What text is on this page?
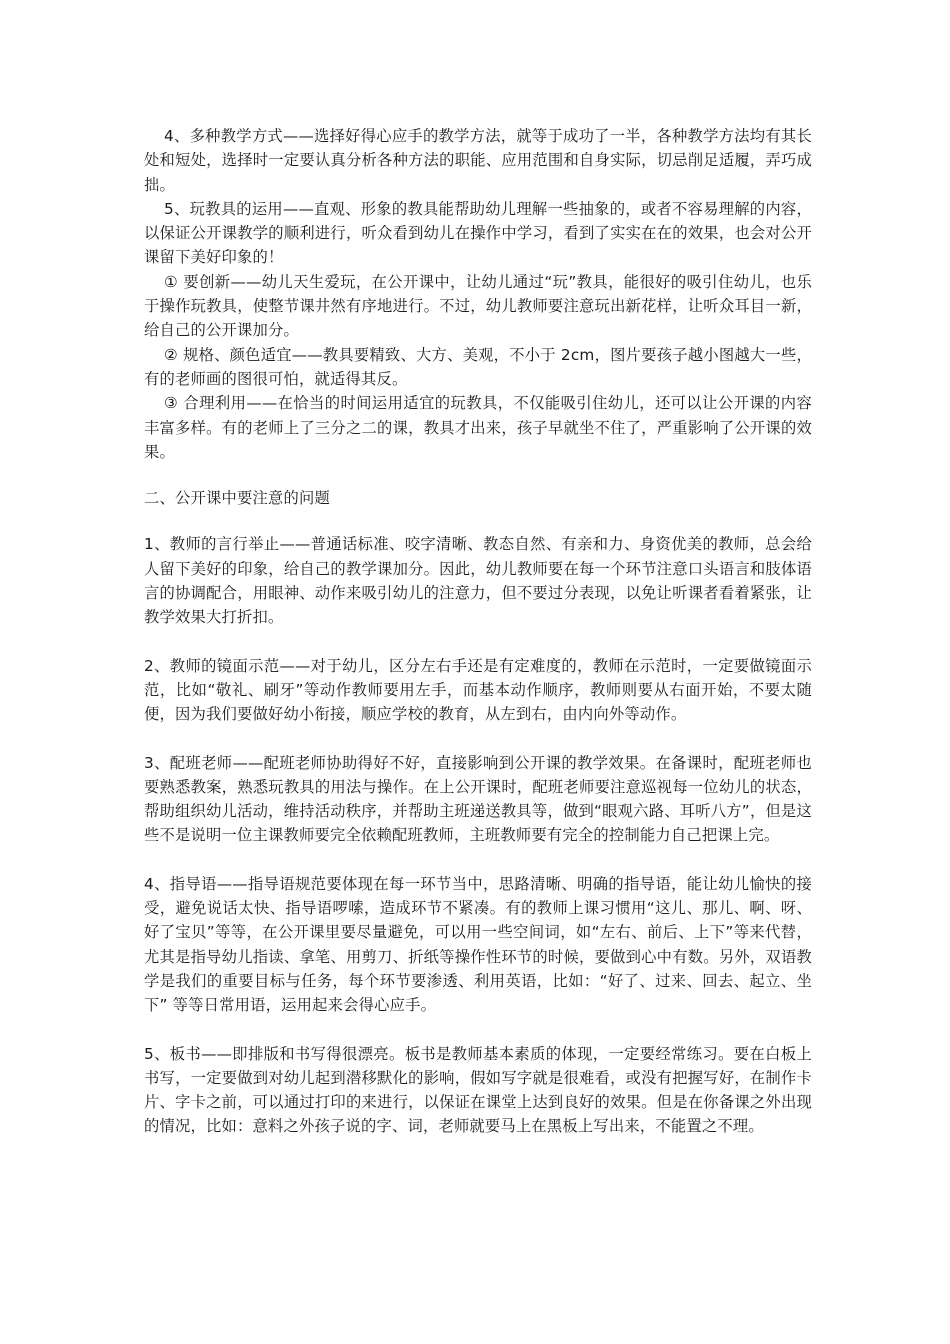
4、多种教学方式——选择好得心应手的教学方法，就等于成功了一半，各种教学方法均有其长处和短处，选择时一定要认真分析各种方法的职能、应用范围和自身实际，切忌削足适履，弄巧成拙。

5、玩教具的运用——直观、形象的教具能帮助幼儿理解一些抽象的，或者不容易理解的内容，以保证公开课教学的顺利进行，听众看到幼儿在操作中学习，看到了实实在在的效果，也会对公开课留下美好印象的！

① 要创新——幼儿天生爱玩，在公开课中，让幼儿通过“玩”教具，能很好的吸引住幼儿，也乐于操作玩教具，使整节课井然有序地进行。不过，幼儿教师要注意玩出新花样，让听众耳目一新，给自己的公开课加分。

② 规格、颜色适宜——教具要精致、大方、美观，不小于 2cm，图片要孩子越小图越大一些，有的老师画的图很可怕，就适得其反。

③ 合理利用——在恰当的时间运用适宜的玩教具，不仅能吸引住幼儿，还可以让公开课的内容丰富多样。有的老师上了三分之二的课，教具才出来，孩子早就坐不住了，严重影响了公开课的效果。

二、公开课中要注意的问题

1、教师的言行举止——普通话标准、咬字清晰、教态自然、有亲和力、身资优美的教师，总会给人留下美好的印象，给自己的教学课加分。因此，幼儿教师要在每一个环节注意口头语言和肢体语言的协调配合，用眼神、动作来吸引幼儿的注意力，但不要过分表现，以免让听课者看着紧张，让教学效果大打折扣。

2、教师的镜面示范——对于幼儿，区分左右手还是有定难度的，教师在示范时，一定要做镜面示范，比如“敬礼、刷牙”等动作教师要用左手，而基本动作顺序，教师则要从右面开始，不要太随便，因为我们要做好幼小衔接，顺应学校的教育，从左到右，由内向外等动作。

3、配班老师——配班老师协助得好不好，直接影响到公开课的教学效果。在备课时，配班老师也要熟悉教案，熟悉玩教具的用法与操作。在上公开课时，配班老师要注意巡视每一位幼儿的状态，帮助组织幼儿活动，维持活动秩序，并帮助主班递送教具等，做到“眼观六路、耳听八方”，但是这些不是说明一位主课教师要完全依赖配班教师，主班教师要有完全的控制能力自己把课上完。

4、指导语——指导语规范要体现在每一环节当中，思路清晰、明确的指导语，能让幼儿愉快的接受，避免说话太快、指导语啰嗦，造成环节不紧凑。有的教师上课习惯用“这儿、那儿、啊、呀、好了宝贝”等等，在公开课里要尽量避免，可以用一些空间词，如“左右、前后、上下”等来代替，尤其是指导幼儿指读、拿笔、用剪刀、折纸等操作性环节的时候，要做到心中有数。另外，双语教学是我们的重要目标与任务，每个环节要渗透、利用英语，比如：“好了、过来、回去、起立、坐下” 等等日常用语，运用起来会得心应手。

5、板书——即排版和书写得很漂亮。板书是教师基本素质的体现，一定要经常练习。要在白板上书写，一定要做到对幼儿起到潜移默化的影响，假如写字就是很难看，或没有把握写好，在制作卡片、字卡之前，可以通过打印的来进行，以保证在课堂上达到良好的效果。但是在你备课之外出现的情况，比如：意料之外孩子说的字、词，老师就要马上在黑板上写出来，不能置之不理。
